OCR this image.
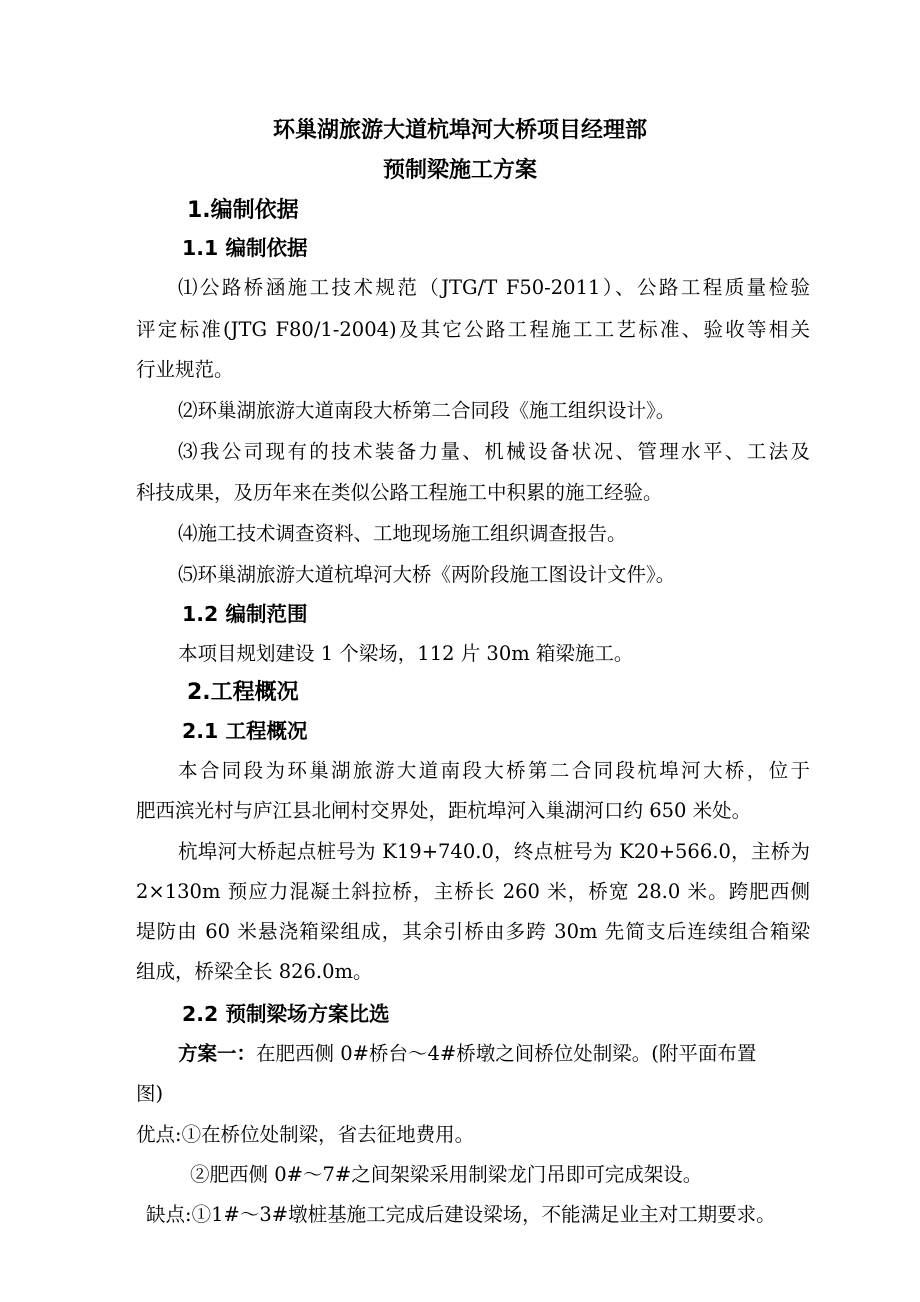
环巢湖旅游大道杭埠河大桥项目经理部
预制梁施工方案
1.编制依据
1.1 编制依据
⑴公路桥涵施工技术规范（JTG/T F50-2011）、公路工程质量检验
评定标准(JTG F80/1-2004)及其它公路工程施工工艺标准、验收等相关
行业规范。
⑵环巢湖旅游大道南段大桥第二合同段《施工组织设计》。
⑶我公司现有的技术装备力量、机械设备状况、管理水平、工法及
科技成果，及历年来在类似公路工程施工中积累的施工经验。
⑷施工技术调查资料、工地现场施工组织调查报告。
⑸环巢湖旅游大道杭埠河大桥《两阶段施工图设计文件》。
1.2 编制范围
本项目规划建设 1 个梁场，112 片 30m 箱梁施工。
2.工程概况
2.1 工程概况
本合同段为环巢湖旅游大道南段大桥第二合同段杭埠河大桥，位于
肥西滨光村与庐江县北闸村交界处，距杭埠河入巢湖河口约 650 米处。
杭埠河大桥起点桩号为 K19+740.0，终点桩号为 K20+566.0，主桥为
2×130m 预应力混凝土斜拉桥，主桥长 260 米，桥宽 28.0 米。跨肥西侧
堤防由 60 米悬浇箱梁组成，其余引桥由多跨 30m 先简支后连续组合箱梁
组成，桥梁全长 826.0m。
2.2 预制梁场方案比选
方案一：在肥西侧 0#桥台～4#桥墩之间桥位处制梁。(附平面布置
图)
优点:①在桥位处制梁，省去征地费用。
②肥西侧 0#～7#之间架梁采用制梁龙门吊即可完成架设。
缺点:①1#～3#墩桩基施工完成后建设梁场，不能满足业主对工期要求。
